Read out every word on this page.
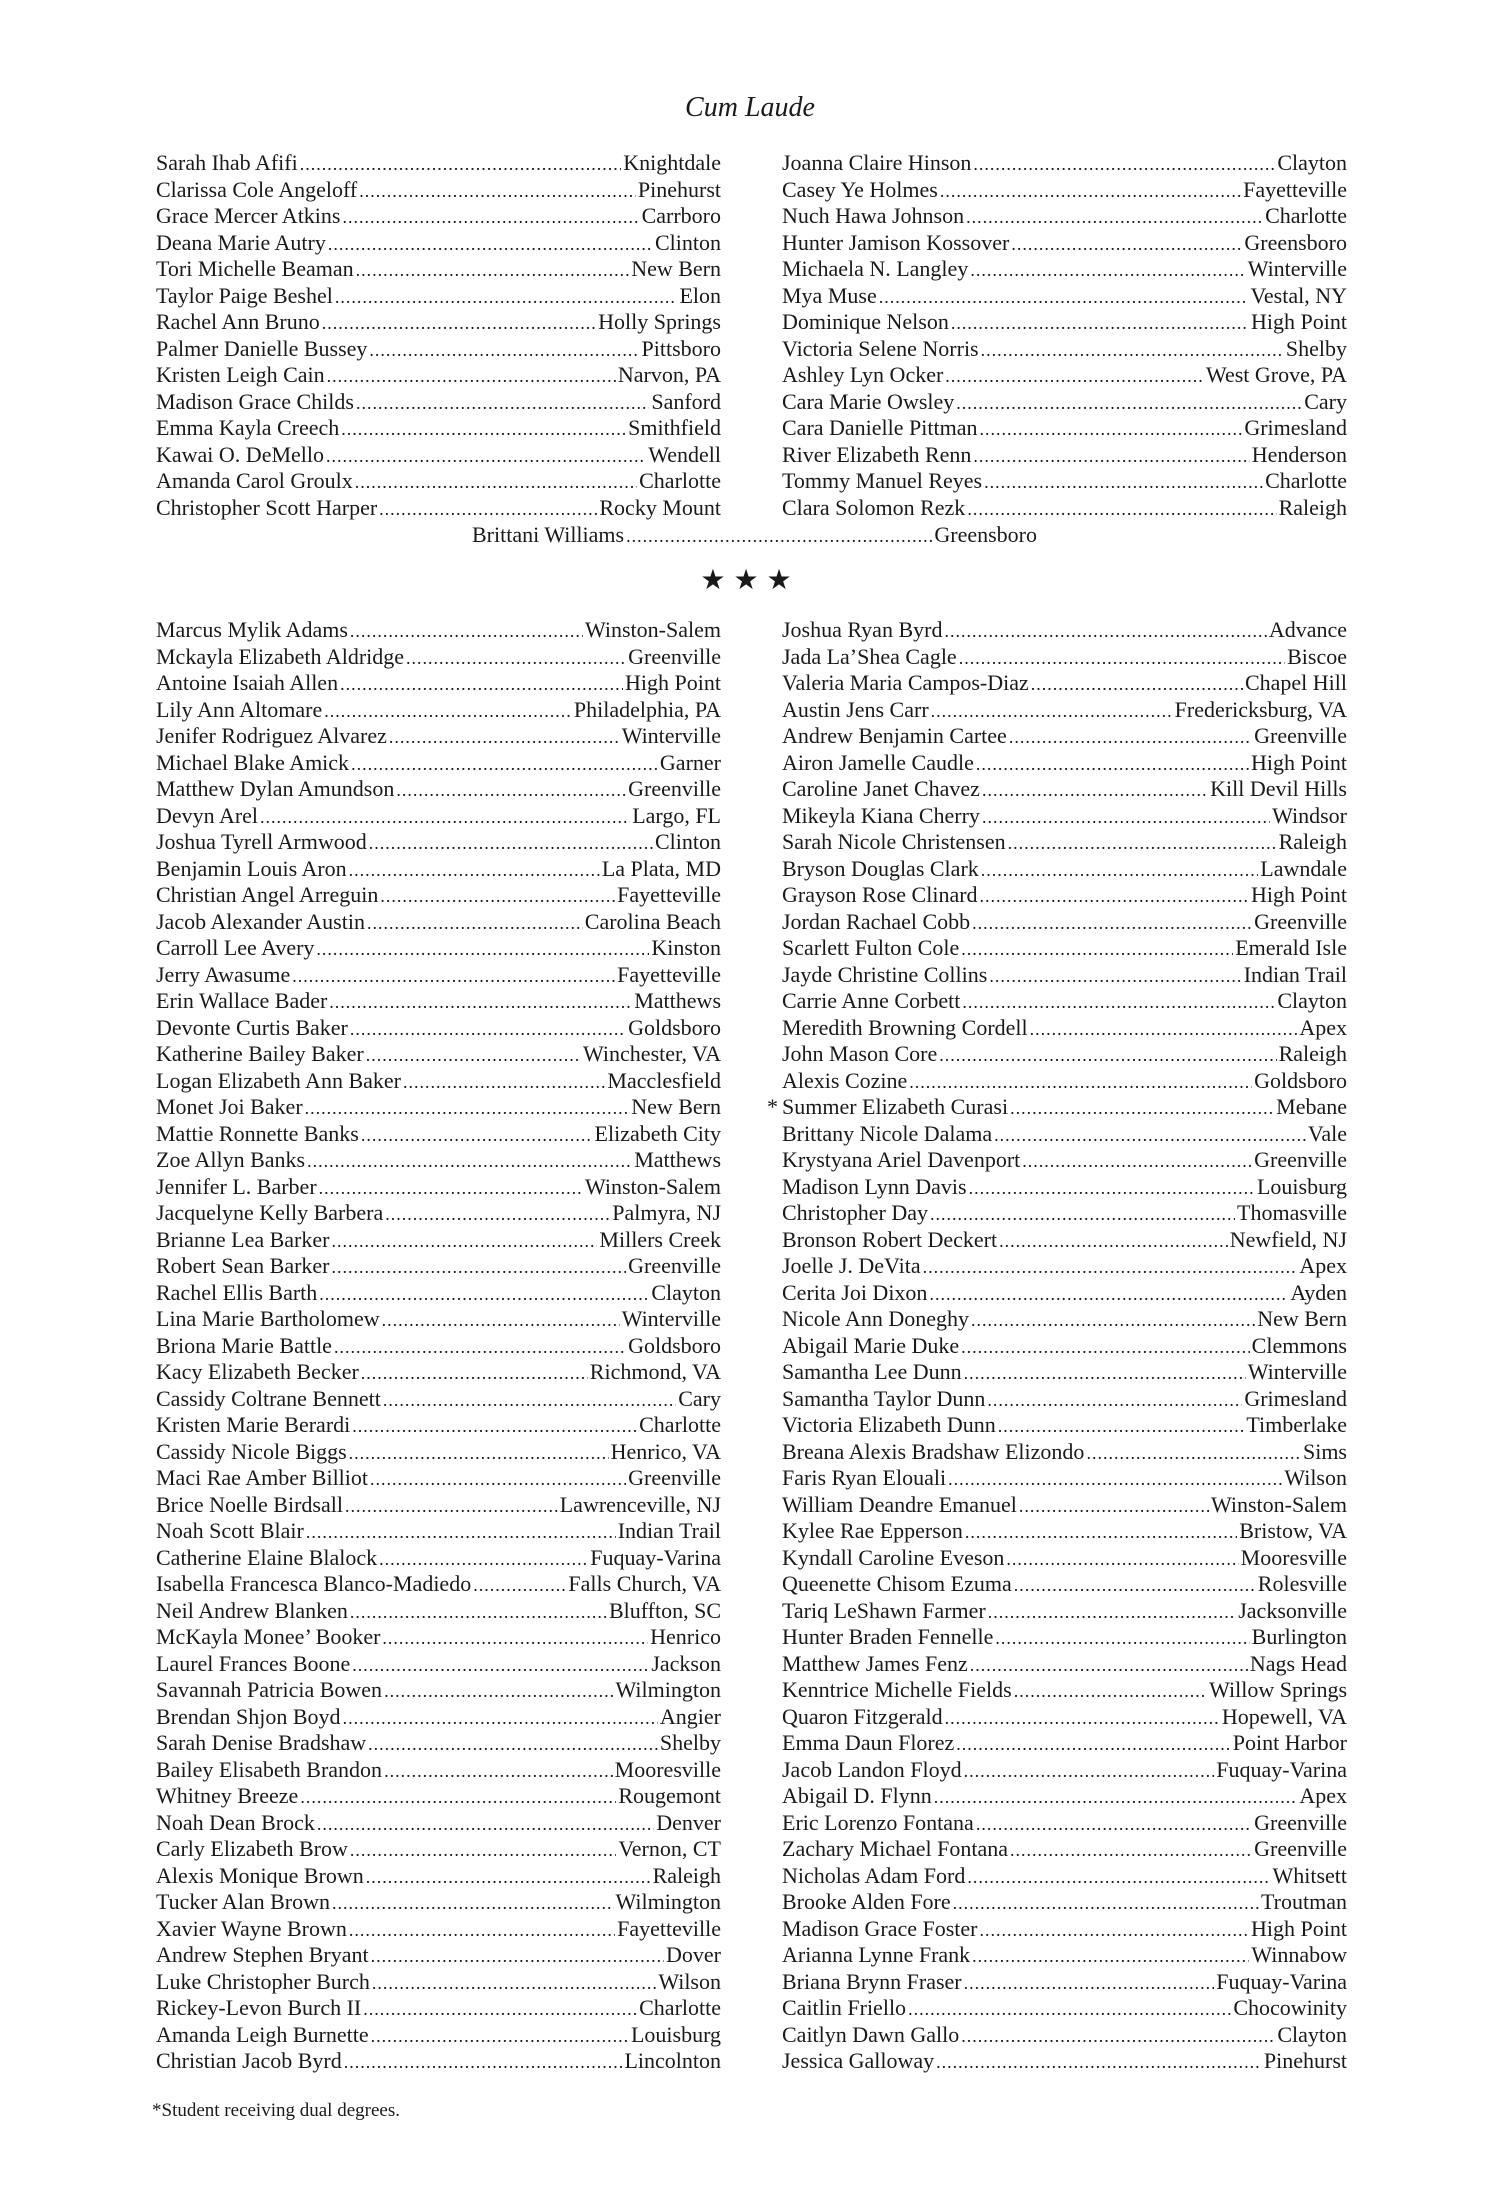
Cum Laude
Sarah Ihab Afifi .....	Knightdale
Clarissa Cole Angeloff .....	Pinehurst
Grace Mercer Atkins .....	Carrboro
Deana Marie Autry .....	Clinton
Tori Michelle Beaman .....	New Bern
Taylor Paige Beshel .....	Elon
Rachel Ann Bruno .....	Holly Springs
Palmer Danielle Bussey .....	Pittsboro
Kristen Leigh Cain .....	Narvon, PA
Madison Grace Childs .....	Sanford
Emma Kayla Creech .....	Smithfield
Kawai O. DeMello .....	Wendell
Amanda Carol Groulx .....	Charlotte
Christopher Scott Harper .....	Rocky Mount
Joanna Claire Hinson .....	Clayton
Casey Ye Holmes .....	Fayetteville
Nuch Hawa Johnson .....	Charlotte
Hunter Jamison Kossover .....	Greensboro
Michaela N. Langley .....	Winterville
Mya Muse .....	Vestal, NY
Dominique Nelson .....	High Point
Victoria Selene Norris .....	Shelby
Ashley Lyn Ocker .....	West Grove, PA
Cara Marie Owsley .....	Cary
Cara Danielle Pittman .....	Grimesland
River Elizabeth Renn .....	Henderson
Tommy Manuel Reyes .....	Charlotte
Clara Solomon Rezk .....	Raleigh
Brittani Williams .....	Greensboro
★★★
Marcus Mylik Adams .....	Winston-Salem
Mckayla Elizabeth Aldridge .....	Greenville
Antoine Isaiah Allen .....	High Point
Lily Ann Altomare .....	Philadelphia, PA
Jenifer Rodriguez Alvarez .....	Winterville
Michael Blake Amick .....	Garner
Matthew Dylan Amundson .....	Greenville
Devyn Arel .....	Largo, FL
Joshua Tyrell Armwood .....	Clinton
Benjamin Louis Aron .....	La Plata, MD
Christian Angel Arreguin .....	Fayetteville
Jacob Alexander Austin .....	Carolina Beach
Carroll Lee Avery .....	Kinston
Jerry Awasume .....	Fayetteville
Erin Wallace Bader .....	Matthews
Devonte Curtis Baker .....	Goldsboro
Katherine Bailey Baker .....	Winchester, VA
Logan Elizabeth Ann Baker .....	Macclesfield
Monet Joi Baker .....	New Bern
Mattie Ronnette Banks .....	Elizabeth City
Zoe Allyn Banks .....	Matthews
Jennifer L. Barber .....	Winston-Salem
Jacquelyne Kelly Barbera .....	Palmyra, NJ
Brianne Lea Barker .....	Millers Creek
Robert Sean Barker .....	Greenville
Rachel Ellis Barth .....	Clayton
Lina Marie Bartholomew .....	Winterville
Briona Marie Battle .....	Goldsboro
Kacy Elizabeth Becker .....	Richmond, VA
Cassidy Coltrane Bennett .....	Cary
Kristen Marie Berardi .....	Charlotte
Cassidy Nicole Biggs .....	Henrico, VA
Maci Rae Amber Billiot .....	Greenville
Brice Noelle Birdsall .....	Lawrenceville, NJ
Noah Scott Blair .....	Indian Trail
Catherine Elaine Blalock .....	Fuquay-Varina
Isabella Francesca Blanco-Madiedo .....	Falls Church, VA
Neil Andrew Blanken .....	Bluffton, SC
McKayla Monee’ Booker .....	Henrico
Laurel Frances Boone .....	Jackson
Savannah Patricia Bowen .....	Wilmington
Brendan Shjon Boyd .....	Angier
Sarah Denise Bradshaw .....	Shelby
Bailey Elisabeth Brandon .....	Mooresville
Whitney Breeze .....	Rougemont
Noah Dean Brock .....	Denver
Carly Elizabeth Brow .....	Vernon, CT
Alexis Monique Brown .....	Raleigh
Tucker Alan Brown .....	Wilmington
Xavier Wayne Brown .....	Fayetteville
Andrew Stephen Bryant .....	Dover
Luke Christopher Burch .....	Wilson
Rickey-Levon Burch II .....	Charlotte
Amanda Leigh Burnette .....	Louisburg
Christian Jacob Byrd .....	Lincolnton
Joshua Ryan Byrd .....	Advance
Jada La’Shea Cagle .....	Biscoe
Valeria Maria Campos-Diaz .....	Chapel Hill
Austin Jens Carr .....	Fredericksburg, VA
Andrew Benjamin Cartee .....	Greenville
Airon Jamelle Caudle .....	High Point
Caroline Janet Chavez .....	Kill Devil Hills
Mikeyla Kiana Cherry .....	Windsor
Sarah Nicole Christensen .....	Raleigh
Bryson Douglas Clark .....	Lawndale
Grayson Rose Clinard .....	High Point
Jordan Rachael Cobb .....	Greenville
Scarlett Fulton Cole .....	Emerald Isle
Jayde Christine Collins .....	Indian Trail
Carrie Anne Corbett .....	Clayton
Meredith Browning Cordell .....	Apex
John Mason Core .....	Raleigh
Alexis Cozine .....	Goldsboro
* Summer Elizabeth Curasi .....	Mebane
Brittany Nicole Dalama .....	Vale
Krystyana Ariel Davenport .....	Greenville
Madison Lynn Davis .....	Louisburg
Christopher Day .....	Thomasville
Bronson Robert Deckert .....	Newfield, NJ
Joelle J. DeVita .....	Apex
Cerita Joi Dixon .....	Ayden
Nicole Ann Doneghy .....	New Bern
Abigail Marie Duke .....	Clemmons
Samantha Lee Dunn .....	Winterville
Samantha Taylor Dunn .....	Grimesland
Victoria Elizabeth Dunn .....	Timberlake
Breana Alexis Bradshaw Elizondo .....	Sims
Faris Ryan Elouali .....	Wilson
William Deandre Emanuel .....	Winston-Salem
Kylee Rae Epperson .....	Bristow, VA
Kyndall Caroline Eveson .....	Mooresville
Queenette Chisom Ezuma .....	Rolesville
Tariq LeShawn Farmer .....	Jacksonville
Hunter Braden Fennelle .....	Burlington
Matthew James Fenz .....	Nags Head
Kenntrice Michelle Fields .....	Willow Springs
Quaron Fitzgerald .....	Hopewell, VA
Emma Daun Florez .....	Point Harbor
Jacob Landon Floyd .....	Fuquay-Varina
Abigail D. Flynn .....	Apex
Eric Lorenzo Fontana .....	Greenville
Zachary Michael Fontana .....	Greenville
Nicholas Adam Ford .....	Whitsett
Brooke Alden Fore .....	Troutman
Madison Grace Foster .....	High Point
Arianna Lynne Frank .....	Winnabow
Briana Brynn Fraser .....	Fuquay-Varina
Caitlin Friello .....	Chocowinity
Caitlyn Dawn Gallo .....	Clayton
Jessica Galloway .....	Pinehurst
*Student receiving dual degrees.
